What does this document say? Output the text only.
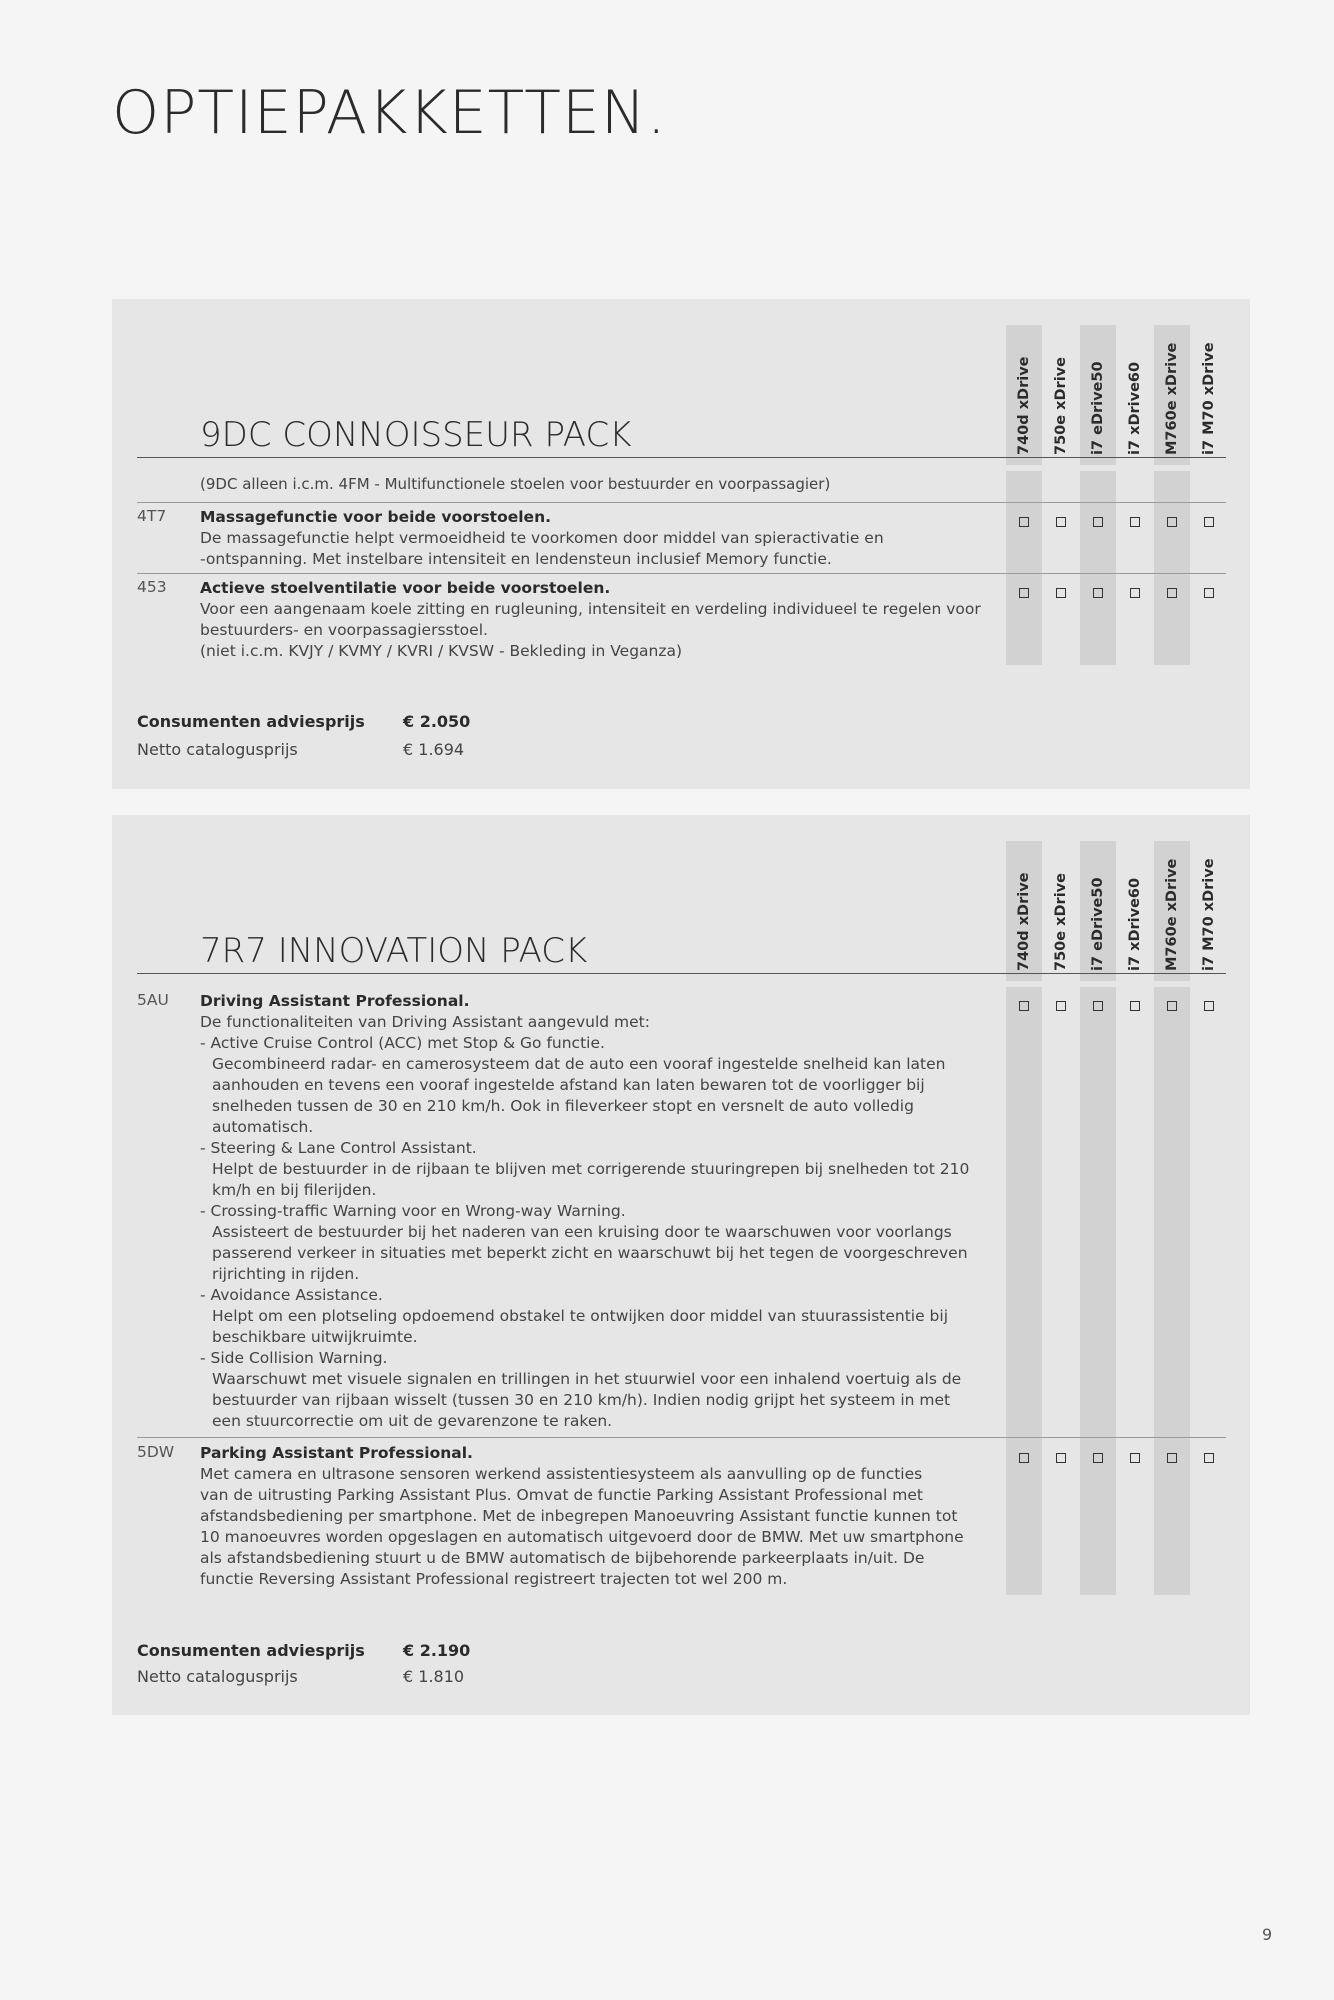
OPTIEPAKKETTEN.
740d xDrive 750e xDrive i7 eDrive50 i7 xDrive60 M760e xDrive i7 M70 xDrive
9DC CONNOISSEUR PACK
(9DC alleen i.c.m. 4FM - Multifunctionele stoelen voor bestuurder en voorpassagier)
4T7 Massagefunctie voor beide voorstoelen.
De massagefunctie helpt vermoeidheid te voorkomen door middel van spieractivatie en
-ontspanning. Met instelbare intensiteit en lendensteun inclusief Memory functie.
453 Actieve stoelventilatie voor beide voorstoelen.
Voor een aangenaam koele zitting en rugleuning, intensiteit en verdeling individueel te regelen voor
bestuurders- en voorpassagiersstoel.
(niet i.c.m. KVJY / KVMY / KVRI / KVSW - Bekleding in Veganza)
Consumenten adviesprijs € 2.050
Netto catalogusprijs	€ 1.694
740d xDrive 750e xDrive i7 eDrive50 i7 xDrive60 M760e xDrive i7 M70 xDrive
7R7 INNOVATION PACK
5AU Driving Assistant Professional.
De functionaliteiten van Driving Assistant aangevuld met:
- Active Cruise Control (ACC) met Stop & Go functie.
Gecombineerd radar- en camerosysteem dat de auto een vooraf ingestelde snelheid kan laten
aanhouden en tevens een vooraf ingestelde afstand kan laten bewaren tot de voorligger bij
snelheden tussen de 30 en 210 km/h. Ook in fileverkeer stopt en versnelt de auto volledig
automatisch.
- Steering & Lane Control Assistant.
Helpt de bestuurder in de rijbaan te blijven met corrigerende stuuringrepen bij snelheden tot 210
km/h en bij filerijden.
- Crossing-traffic Warning voor en Wrong-way Warning.
Assisteert de bestuurder bij het naderen van een kruising door te waarschuwen voor voorlangs
passerend verkeer in situaties met beperkt zicht en waarschuwt bij het tegen de voorgeschreven
rijrichting in rijden.
- Avoidance Assistance.
Helpt om een plotseling opdoemend obstakel te ontwijken door middel van stuurassistentie bij
beschikbare uitwijkruimte.
- Side Collision Warning.
Waarschuwt met visuele signalen en trillingen in het stuurwiel voor een inhalend voertuig als de
bestuurder van rijbaan wisselt (tussen 30 en 210 km/h). Indien nodig grijpt het systeem in met
een stuurcorrectie om uit de gevarenzone te raken.
5DW Parking Assistant Professional.
Met camera en ultrasone sensoren werkend assistentiesysteem als aanvulling op de functies
van de uitrusting Parking Assistant Plus. Omvat de functie Parking Assistant Professional met
afstandsbediening per smartphone. Met de inbegrepen Manoeuvring Assistant functie kunnen tot
10 manoeuvres worden opgeslagen en automatisch uitgevoerd door de BMW. Met uw smartphone
als afstandsbediening stuurt u de BMW automatisch de bijbehorende parkeerplaats in/uit. De
functie Reversing Assistant Professional registreert trajecten tot wel 200 m.
Consumenten adviesprijs € 2.190
Netto catalogusprijs	€ 1.810
9
